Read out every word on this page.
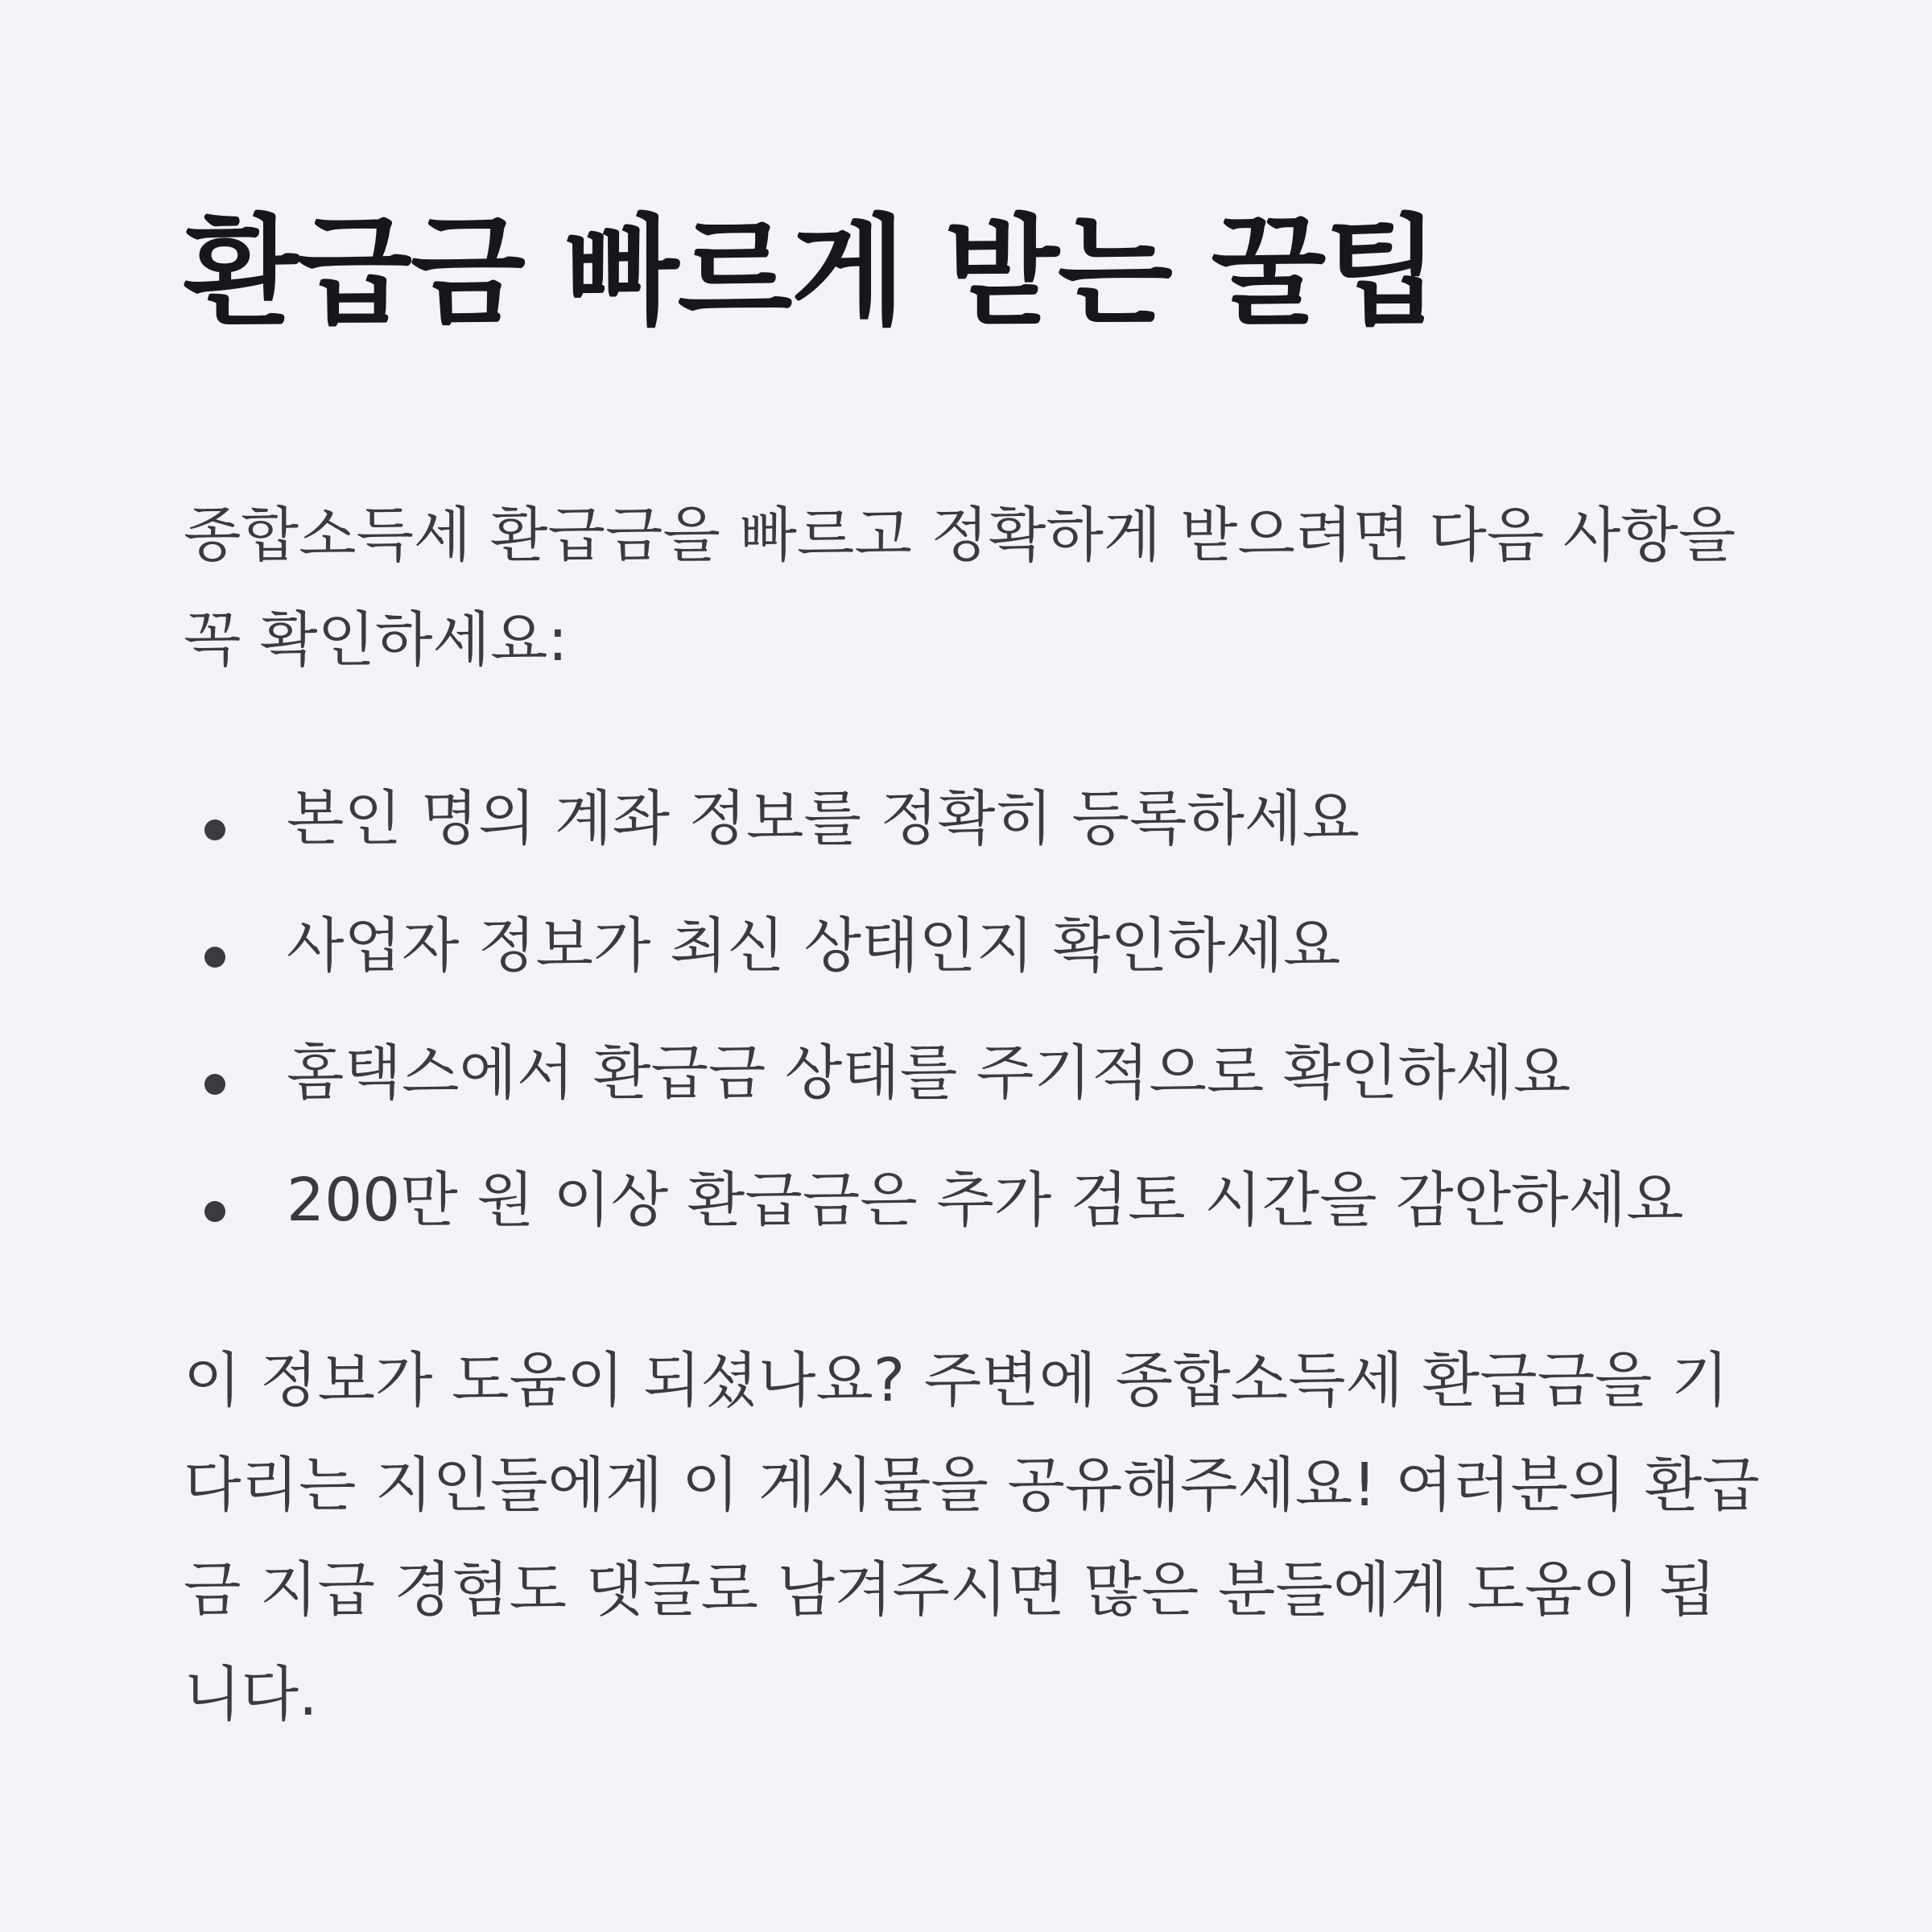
환급금 빠르게 받는 꿀팁

종합소득세 환급금을 빠르고 정확하게 받으려면 다음 사항을 꼭 확인하세요:

본인 명의 계좌 정보를 정확히 등록하세요
사업자 정보가 최신 상태인지 확인하세요
홈택스에서 환급금 상태를 주기적으로 확인하세요
200만 원 이상 환급금은 추가 검토 시간을 감안하세요

이 정보가 도움이 되셨나요? 주변에 종합소득세 환급금을 기다리는 지인들에게 이 게시물을 공유해주세요! 여러분의 환급금 지급 경험도 댓글로 남겨주시면 많은 분들에게 도움이 됩니다.
